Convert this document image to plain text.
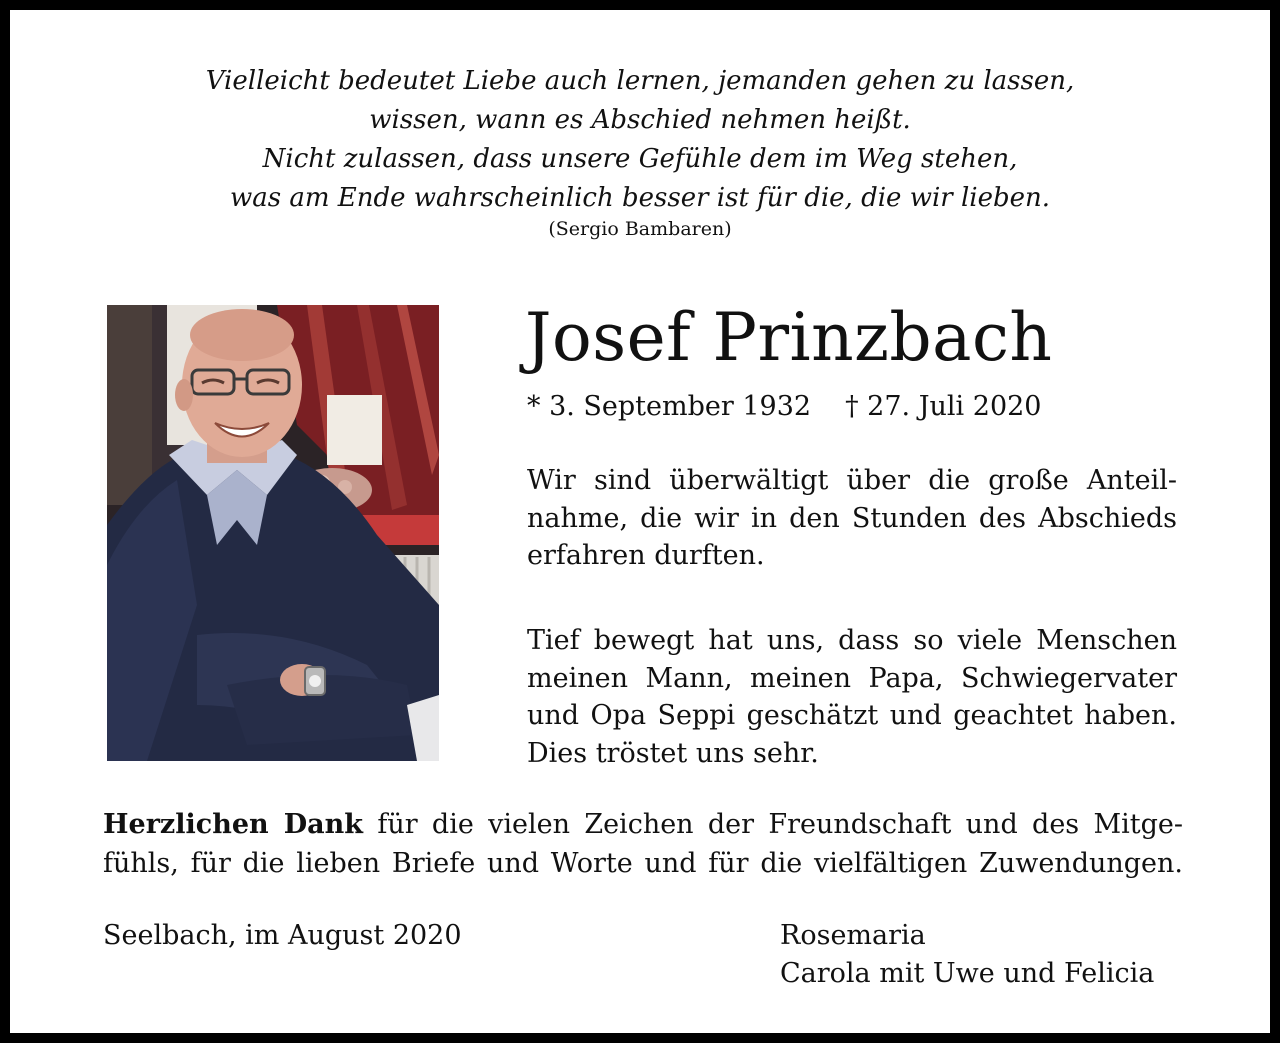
Vielleicht bedeutet Liebe auch lernen, jemanden gehen zu lassen,
wissen, wann es Abschied nehmen heißt.
Nicht zulassen, dass unsere Gefühle dem im Weg stehen,
was am Ende wahrscheinlich besser ist für die, die wir lieben.
(Sergio Bambaren)
Josef Prinzbach
* 3. September 1932 † 27. Juli 2020
Wir sind überwältigt über die große Anteil-
nahme, die wir in den Stunden des Abschieds
erfahren durften.
Tief bewegt hat uns, dass so viele Menschen
meinen Mann, meinen Papa, Schwiegervater
und Opa Seppi geschätzt und geachtet haben.
Dies tröstet uns sehr.
Herzlichen Dank für die vielen Zeichen der Freundschaft und des Mitge-
fühls, für die lieben Briefe und Worte und für die vielfältigen Zuwendungen.
Seelbach, im August 2020	Rosemaria
Carola mit Uwe und Felicia
